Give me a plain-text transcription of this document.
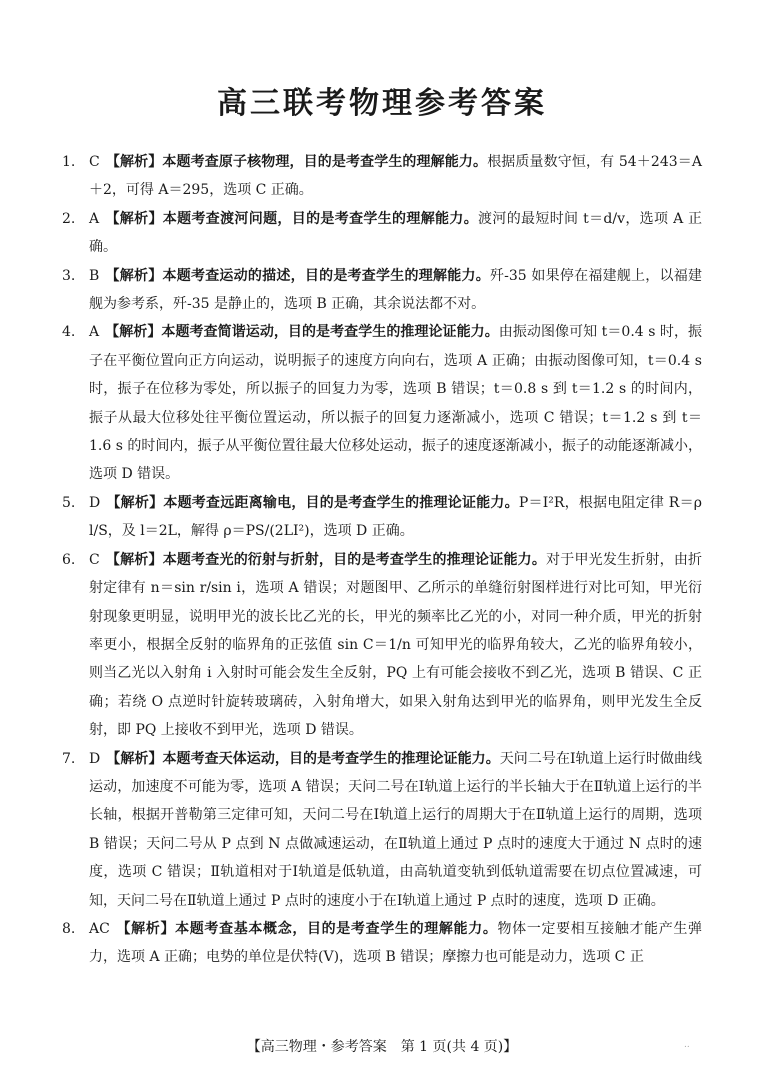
高三联考物理参考答案

1. C 【解析】本题考查原子核物理，目的是考查学生的理解能力。根据质量数守恒，有 54＋243＝A＋2，可得 A＝295，选项 C 正确。

2. A 【解析】本题考查渡河问题，目的是考查学生的理解能力。渡河的最短时间 t＝d/v，选项 A 正确。

3. B 【解析】本题考查运动的描述，目的是考查学生的理解能力。歼-35 如果停在福建舰上，以福建舰为参考系，歼-35 是静止的，选项 B 正确，其余说法都不对。

4. A 【解析】本题考查简谐运动，目的是考查学生的推理论证能力。由振动图像可知 t＝0.4 s 时，振子在平衡位置向正方向运动，说明振子的速度方向向右，选项 A 正确；由振动图像可知，t＝0.4 s 时，振子在位移为零处，所以振子的回复力为零，选项 B 错误；t＝0.8 s 到 t＝1.2 s 的时间内，振子从最大位移处往平衡位置运动，所以振子的回复力逐渐减小，选项 C 错误；t＝1.2 s 到 t＝1.6 s 的时间内，振子从平衡位置往最大位移处运动，振子的速度逐渐减小，振子的动能逐渐减小，选项 D 错误。

5. D 【解析】本题考查远距离输电，目的是考查学生的推理论证能力。P＝I²R，根据电阻定律 R＝ρ l/S，及 l＝2L，解得 ρ＝PS/(2LI²)，选项 D 正确。

6. C 【解析】本题考查光的衍射与折射，目的是考查学生的推理论证能力。对于甲光发生折射，由折射定律有 n＝sin r/sin i，选项 A 错误；对题图甲、乙所示的单缝衍射图样进行对比可知，甲光衍射现象更明显，说明甲光的波长比乙光的长，甲光的频率比乙光的小，对同一种介质，甲光的折射率更小，根据全反射的临界角的正弦值 sin C＝1/n 可知甲光的临界角较大，乙光的临界角较小，则当乙光以入射角 i 入射时可能会发生全反射，PQ 上有可能会接收不到乙光，选项 B 错误、C 正确；若绕 O 点逆时针旋转玻璃砖，入射角增大，如果入射角达到甲光的临界角，则甲光发生全反射，即 PQ 上接收不到甲光，选项 D 错误。

7. D 【解析】本题考查天体运动，目的是考查学生的推理论证能力。天问二号在Ⅰ轨道上运行时做曲线运动，加速度不可能为零，选项 A 错误；天问二号在Ⅰ轨道上运行的半长轴大于在Ⅱ轨道上运行的半长轴，根据开普勒第三定律可知，天问二号在Ⅰ轨道上运行的周期大于在Ⅱ轨道上运行的周期，选项 B 错误；天问二号从 P 点到 N 点做减速运动，在Ⅱ轨道上通过 P 点时的速度大于通过 N 点时的速度，选项 C 错误；Ⅱ轨道相对于Ⅰ轨道是低轨道，由高轨道变轨到低轨道需要在切点位置减速，可知，天问二号在Ⅱ轨道上通过 P 点时的速度小于在Ⅰ轨道上通过 P 点时的速度，选项 D 正确。

8. AC 【解析】本题考查基本概念，目的是考查学生的理解能力。物体一定要相互接触才能产生弹力，选项 A 正确；电势的单位是伏特(V)，选项 B 错误；摩擦力也可能是动力，选项 C 正

【高三物理・参考答案　第 1 页(共 4 页)】	..
